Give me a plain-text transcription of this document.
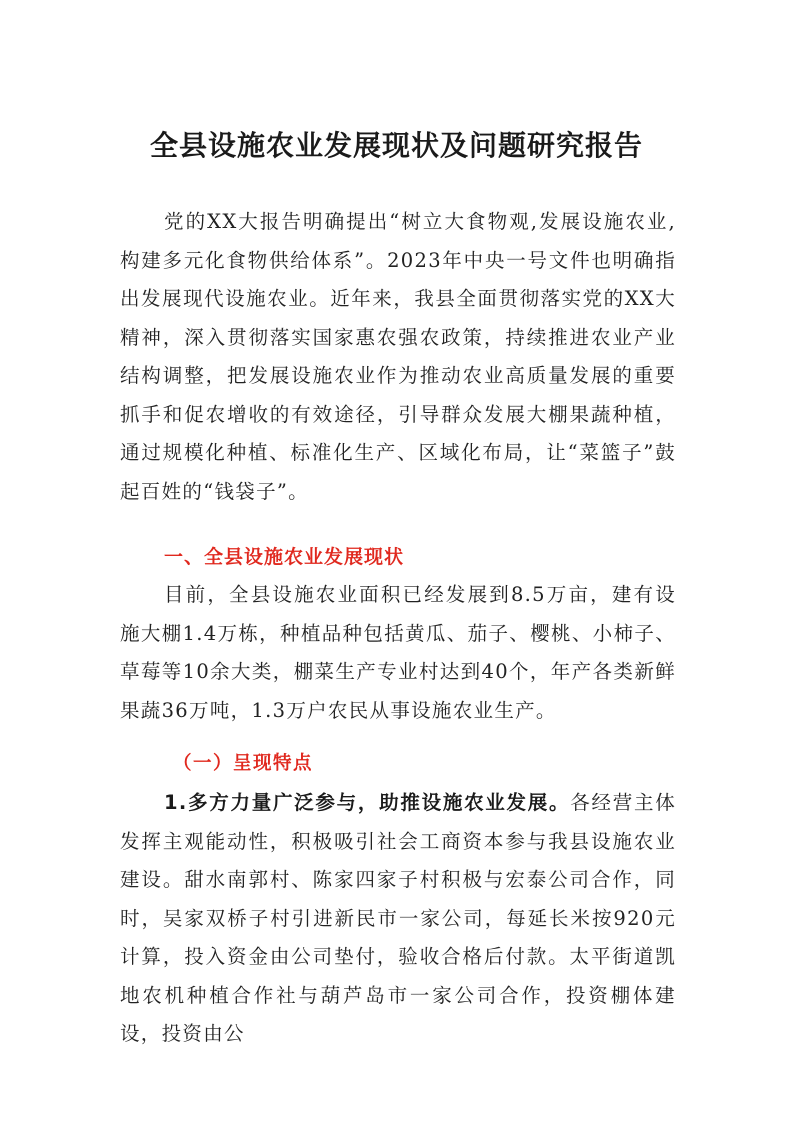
全县设施农业发展现状及问题研究报告

党的XX大报告明确提出“树立大食物观,发展设施农业,构建多元化食物供给体系”。2023年中央一号文件也明确指出发展现代设施农业。近年来，我县全面贯彻落实党的XX大精神，深入贯彻落实国家惠农强农政策，持续推进农业产业结构调整，把发展设施农业作为推动农业高质量发展的重要抓手和促农增收的有效途径，引导群众发展大棚果蔬种植，通过规模化种植、标准化生产、区域化布局，让“菜篮子”鼓起百姓的“钱袋子”。

一、全县设施农业发展现状

目前，全县设施农业面积已经发展到8.5万亩，建有设施大棚1.4万栋，种植品种包括黄瓜、茄子、樱桃、小柿子、草莓等10余大类，棚菜生产专业村达到40个，年产各类新鲜果蔬36万吨，1.3万户农民从事设施农业生产。

（一）呈现特点

1.多方力量广泛参与，助推设施农业发展。各经营主体发挥主观能动性，积极吸引社会工商资本参与我县设施农业建设。甜水南郭村、陈家四家子村积极与宏泰公司合作，同时，吴家双桥子村引进新民市一家公司，每延长米按920元计算，投入资金由公司垫付，验收合格后付款。太平街道凯地农机种植合作社与葫芦岛市一家公司合作，投资棚体建设，投资由公
